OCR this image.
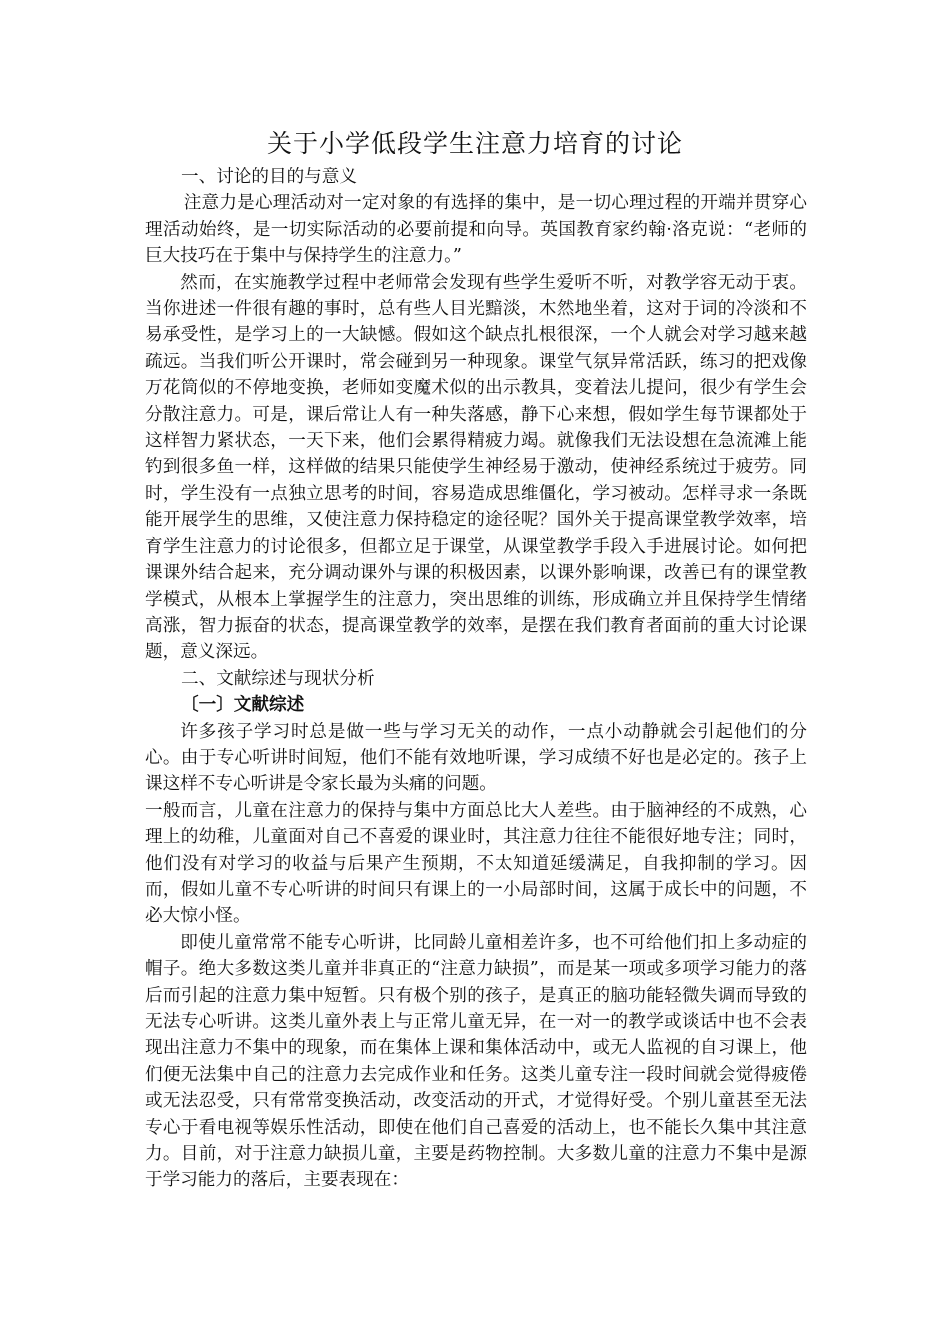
关于小学低段学生注意力培育的讨论

一、讨论的目的与意义

注意力是心理活动对一定对象的有选择的集中，是一切心理过程的开端并贯穿心理活动始终，是一切实际活动的必要前提和向导。英国教育家约翰·洛克说：“老师的巨大技巧在于集中与保持学生的注意力。”

然而，在实施教学过程中老师常会发现有些学生爱听不听，对教学容无动于衷。当你进述一件很有趣的事时，总有些人目光黯淡，木然地坐着，这对于词的冷淡和不易承受性，是学习上的一大缺憾。假如这个缺点扎根很深，一个人就会对学习越来越疏远。当我们听公开课时，常会碰到另一种现象。课堂气氛异常活跃，练习的把戏像万花筒似的不停地变换，老师如变魔术似的出示教具，变着法儿提问，很少有学生会分散注意力。可是，课后常让人有一种失落感，静下心来想，假如学生每节课都处于这样智力紧状态，一天下来，他们会累得精疲力竭。就像我们无法设想在急流滩上能钓到很多鱼一样，这样做的结果只能使学生神经易于激动，使神经系统过于疲劳。同时，学生没有一点独立思考的时间，容易造成思维僵化，学习被动。怎样寻求一条既能开展学生的思维，又使注意力保持稳定的途径呢？国外关于提高课堂教学效率，培育学生注意力的讨论很多，但都立足于课堂，从课堂教学手段入手进展讨论。如何把课课外结合起来，充分调动课外与课的积极因素，以课外影响课，改善已有的课堂教学模式，从根本上掌握学生的注意力，突出思维的训练，形成确立并且保持学生情绪高涨，智力振奋的状态，提高课堂教学的效率，是摆在我们教育者面前的重大讨论课题，意义深远。

二、文献综述与现状分析

〔一〕文献综述

许多孩子学习时总是做一些与学习无关的动作，一点小动静就会引起他们的分心。由于专心听讲时间短，他们不能有效地听课，学习成绩不好也是必定的。孩子上课这样不专心听讲是令家长最为头痛的问题。

一般而言，儿童在注意力的保持与集中方面总比大人差些。由于脑神经的不成熟，心理上的幼稚，儿童面对自己不喜爱的课业时，其注意力往往不能很好地专注；同时，他们没有对学习的收益与后果产生预期，不太知道延缓满足，自我抑制的学习。因而，假如儿童不专心听讲的时间只有课上的一小局部时间，这属于成长中的问题，不必大惊小怪。

即使儿童常常不能专心听讲，比同龄儿童相差许多，也不可给他们扣上多动症的帽子。绝大多数这类儿童并非真正的“注意力缺损”，而是某一项或多项学习能力的落后而引起的注意力集中短暂。只有极个别的孩子，是真正的脑功能轻微失调而导致的无法专心听讲。这类儿童外表上与正常儿童无异，在一对一的教学或谈话中也不会表现出注意力不集中的现象，而在集体上课和集体活动中，或无人监视的自习课上，他们便无法集中自己的注意力去完成作业和任务。这类儿童专注一段时间就会觉得疲倦或无法忍受，只有常常变换活动，改变活动的开式，才觉得好受。个别儿童甚至无法专心于看电视等娱乐性活动，即使在他们自己喜爱的活动上，也不能长久集中其注意力。目前，对于注意力缺损儿童，主要是药物控制。大多数儿童的注意力不集中是源于学习能力的落后，主要表现在：
